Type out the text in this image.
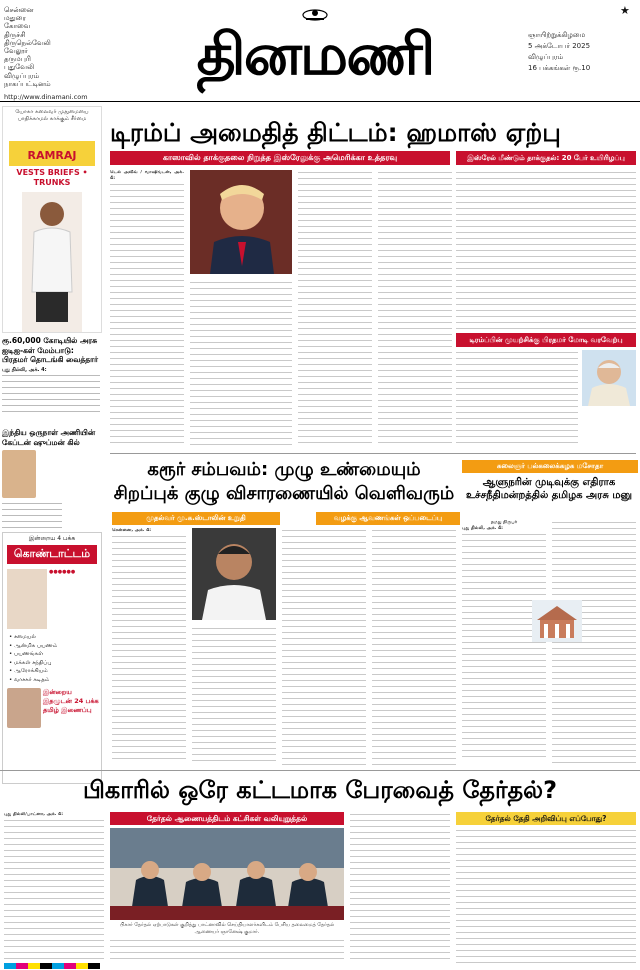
சென்னை
மதுரை
கோவை
திருச்சி
திருநெல்வேலி
வேலூர்
தருமபுரி
புதுவேலி
விழுப்புரம்
நாகப்பட்டினம்
http://www.dinamani.com
தினமணி
★
ஞாயிற்றுக்கிழமை
5 அக்டோபர் 2025
விழுப்புரம்
16 பக்கங்கள் ரூ.10
யோகா கலைவர் முதுமையை பாதிக்காமல் காக்கும் சீர்மை
RAMRAJ
VESTS BRIEFS • TRUNKS
ரூ.60,000 கோடியில் அரசு ஐடிஐ-கள் மேம்பாடு: பிரதமர் தொடங்கி வைத்தார்
புது தில்லி, அக். 4:
இந்திய ஒருநாள் அணியின் கேப்டன் ஷுப்மன் கில்

இன்றைய 4 பக்க
கொண்டாட்டம்
●●●●●●
• சமையல்
• ஆன்மிக பயணம்
• பயணங்கள்
• மக்கள் சந்திப்பு
• ஆரோக்கியம்
• வாசகர் கடிதம்
இன்றைய இதழுடன் 24 பக்க தமிழ் இணைப்பு
டிரம்ப் அமைதித் திட்டம்: ஹமாஸ் ஏற்பு
காஸாவில் தாக்குதலை நிறுத்த இஸ்ரேலுக்கு அமெரிக்கா உத்தரவு	இஸ்ரேல் மீண்டும் தாக்குதல்: 20 பேர் உயிரிழப்பு
டெல் அவீவ் / வாஷிங்டன், அக். 4:
டிரம்ப்பின் முயற்சிக்கு பிரதமர் மோடி வரவேற்பு
கரூர் சம்பவம்: முழு உண்மையும் சிறப்புக் குழு விசாரணையில் வெளிவரும்
முதல்வர் மு.க.ஸ்டாலின் உறுதி	வழக்கு ஆவணங்கள் ஒப்படைப்பு
சென்னை, அக். 4:
கலைஞர் பல்கலைக்கழக மசோதா
ஆளுநரின் முடிவுக்கு எதிராக உச்சநீதிமன்றத்தில் தமிழக அரசு மனு
நமது நிருபர்
புது தில்லி, அக். 4:
பிகாரில் ஒரே கட்டமாக பேரவைத் தேர்தல்?
புது தில்லி/பாட்னா, அக். 4:	தேர்தல் ஆணையத்திடம் கட்சிகள் வலியுறுத்தல்
பிகார் தேர்தல் ஏற்பாடுகள் குறித்து பாட்னாவில் செய்தியாளர்களிடம் பேசிய தலைமைத் தேர்தல் ஆணையர் ஞானேஷ் குமார்.
தேர்தல் தேதி அறிவிப்பு எப்போது?
